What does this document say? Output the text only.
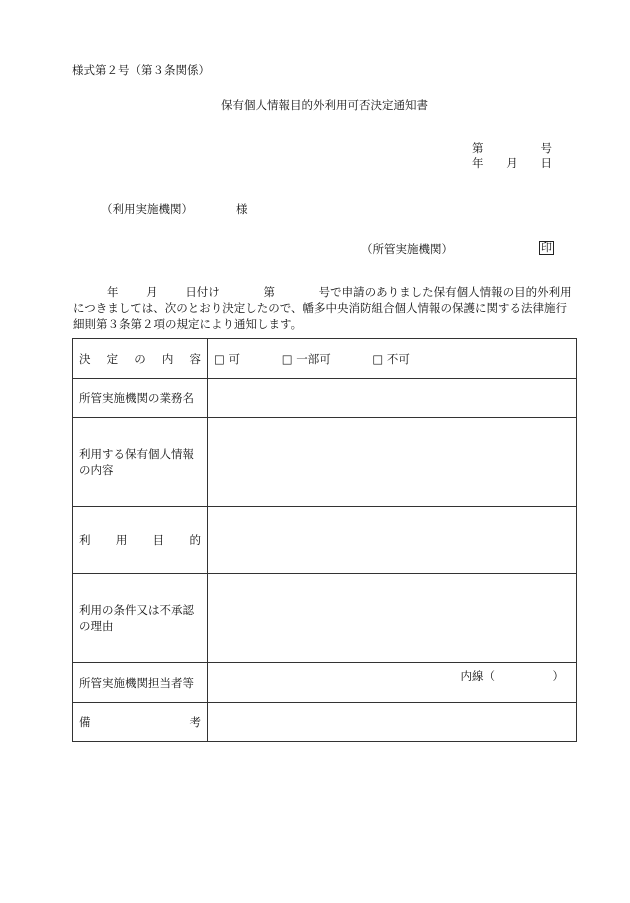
様式第２号（第３条関係）
保有個人情報目的外利用可否決定通知書
第	号
年 月 日
（利用実施機関）	様
（所管実施機関）	印
年 月 日付け	第	号で申請のありました保有個人情報の目的外利用
につきましては、次のとおり決定したので、幡多中央消防組合個人情報の保護に関する法律施行
細則第３条第２項の規定により通知します。
決 定 の 内 容	□ 可 □ 一部可 □ 不可
所管実施機関の業務名	
利用する保有個人情報の内容	

利 用 目 的	

利用の条件又は不承認の理由	
所管実施機関担当者等	内線（　　　　　）

備 考	
